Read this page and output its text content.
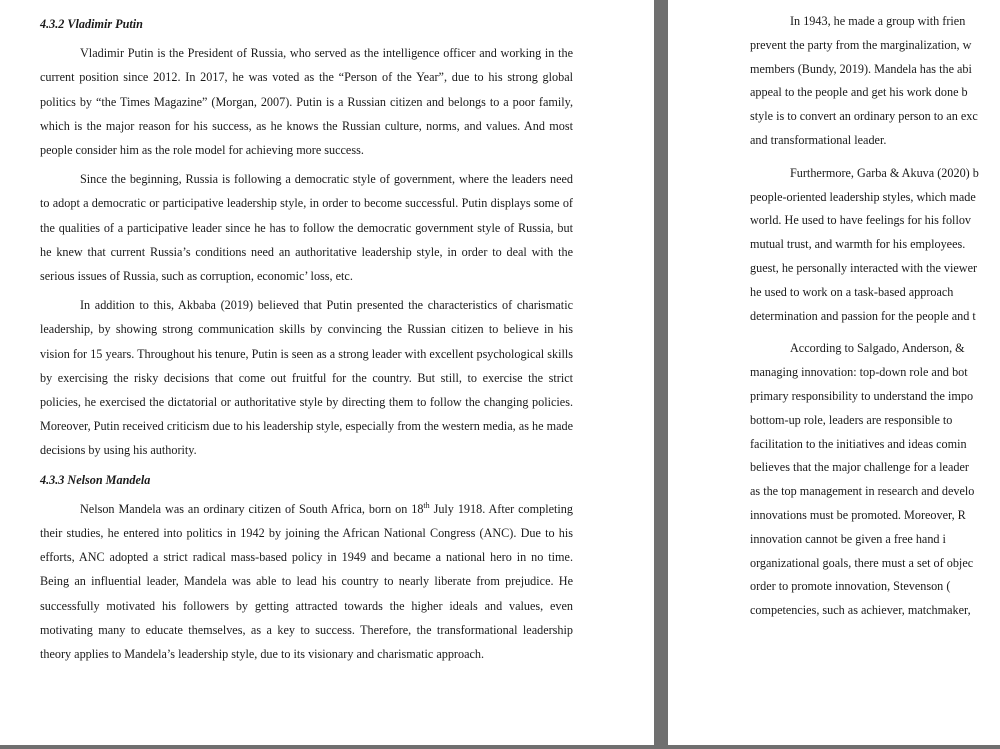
4.3.2 Vladimir Putin

Vladimir Putin is the President of Russia, who served as the intelligence officer and working in the current position since 2012. In 2017, he was voted as the “Person of the Year”, due to his strong global politics by “the Times Magazine” (Morgan, 2007). Putin is a Russian citizen and belongs to a poor family, which is the major reason for his success, as he knows the Russian culture, norms, and values. And most people consider him as the role model for achieving more success.

Since the beginning, Russia is following a democratic style of government, where the leaders need to adopt a democratic or participative leadership style, in order to become successful. Putin displays some of the qualities of a participative leader since he has to follow the democratic government style of Russia, but he knew that current Russia’s conditions need an authoritative leadership style, in order to deal with the serious issues of Russia, such as corruption, economic’ loss, etc.

In addition to this, Akbaba (2019) believed that Putin presented the characteristics of charismatic leadership, by showing strong communication skills by convincing the Russian citizen to believe in his vision for 15 years. Throughout his tenure, Putin is seen as a strong leader with excellent psychological skills by exercising the risky decisions that come out fruitful for the country. But still, to exercise the strict policies, he exercised the dictatorial or authoritative style by directing them to follow the changing policies. Moreover, Putin received criticism due to his leadership style, especially from the western media, as he made decisions by using his authority.

4.3.3 Nelson Mandela

Nelson Mandela was an ordinary citizen of South Africa, born on 18th July 1918. After completing their studies, he entered into politics in 1942 by joining the African National Congress (ANC). Due to his efforts, ANC adopted a strict radical mass-based policy in 1949 and became a national hero in no time. Being an influential leader, Mandela was able to lead his country to nearly liberate from prejudice. He successfully motivated his followers by getting attracted towards the higher ideals and values, even motivating many to educate themselves, as a key to success. Therefore, the transformational leadership theory applies to Mandela’s leadership style, due to its visionary and charismatic approach.

In 1943, he made a group with frien
prevent the party from the marginalization, w
members (Bundy, 2019). Mandela has the abi
appeal to the people and get his work done b
style is to convert an ordinary person to an exc
and transformational leader.
Furthermore, Garba & Akuva (2020) b
people-oriented leadership styles, which made
world. He used to have feelings for his follov
mutual trust, and warmth for his employees.
guest, he personally interacted with the viewer
he used to work on a task-based approach
determination and passion for the people and t
According to Salgado, Anderson, &
managing innovation: top-down role and bot
primary responsibility to understand the impo
bottom-up role, leaders are responsible to
facilitation to the initiatives and ideas comin
believes that the major challenge for a leader
as the top management in research and develo
innovations must be promoted. Moreover, R
innovation cannot be given a free hand i
organizational goals, there must a set of objec
order to promote innovation, Stevenson (
competencies, such as achiever, matchmaker,
